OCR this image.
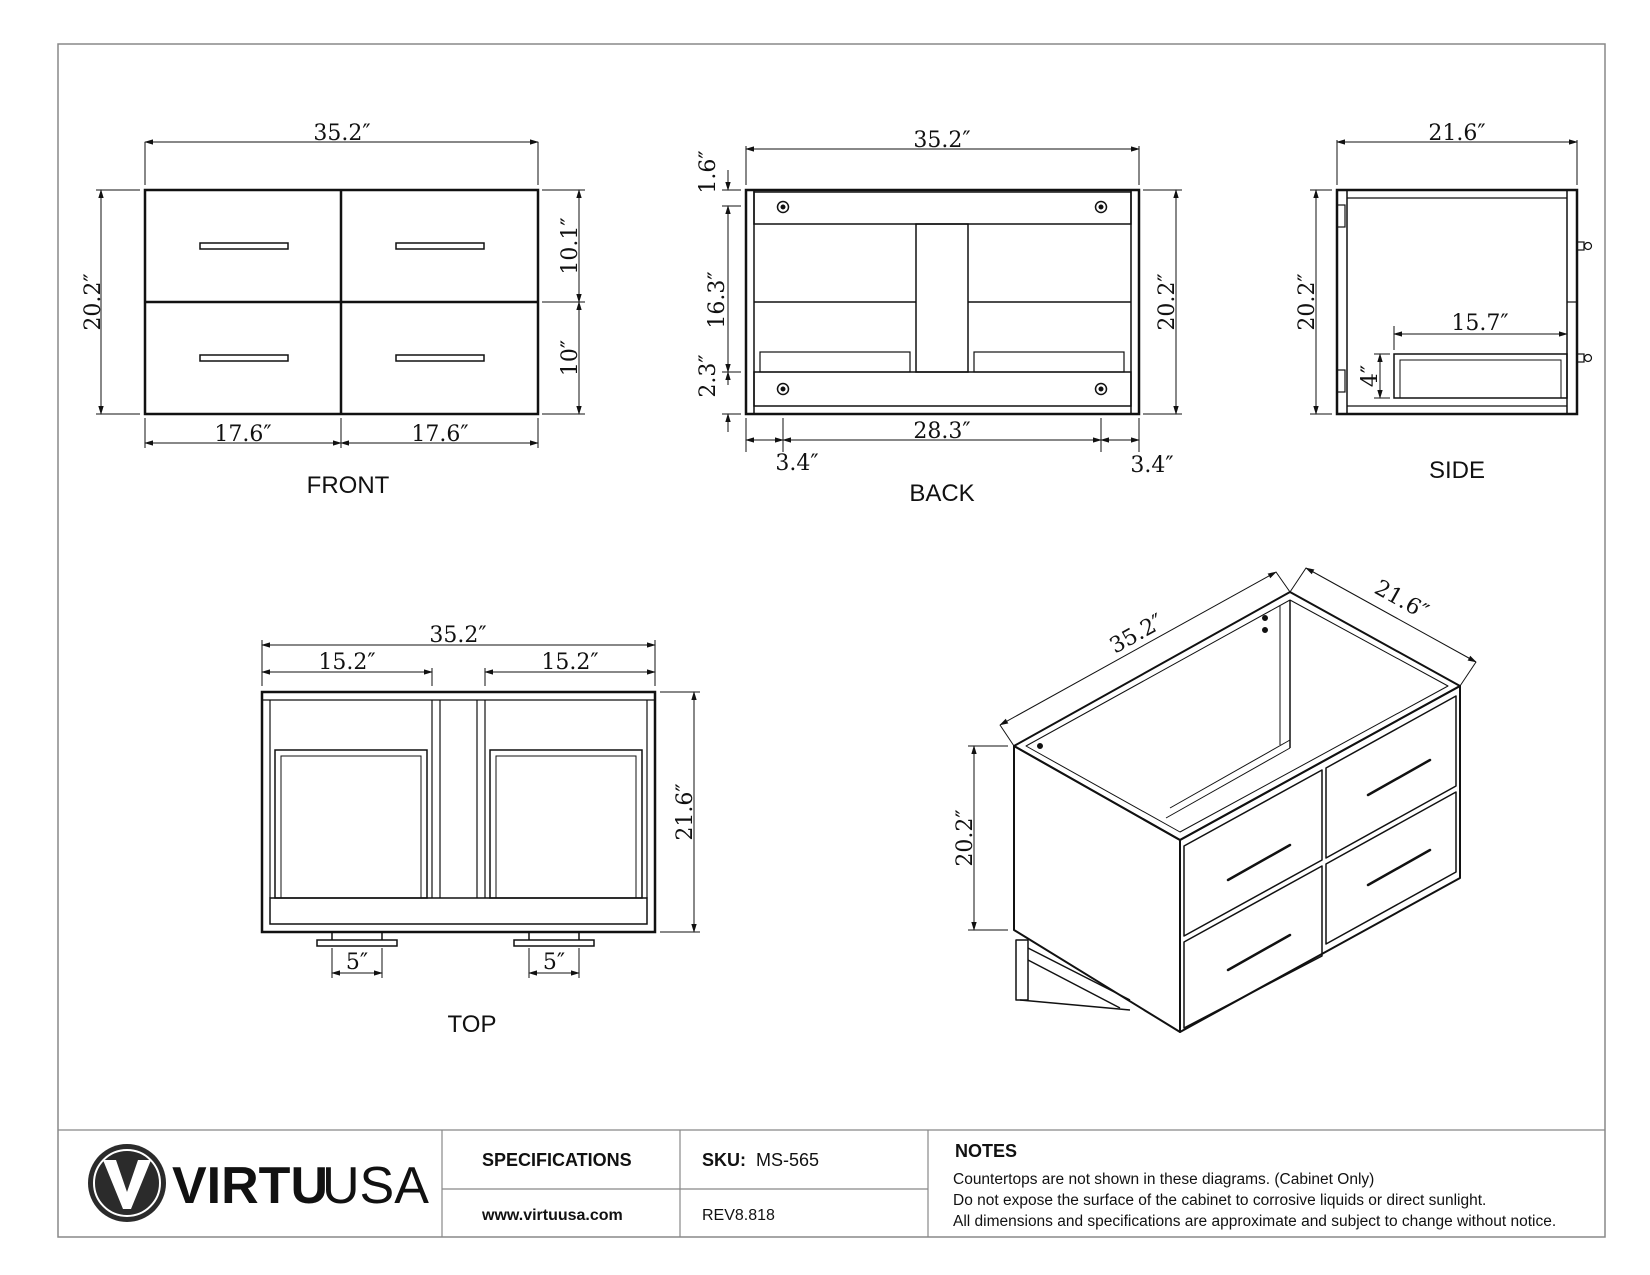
35.2″
20.2″
10.1″
10″
17.6″	17.6″
FRONT
35.2″
1.6″
16.3″
2.3″
20.2″
28.3″
3.4″	3.4″
BACK
21.6″
20.2″	15.7″
4″
SIDE
35.2″
15.2″	15.2″
21.6″
5″	5″
TOP
35.2″
21.6″
20.2″
VIRTU
USA	SPECIFICATIONS	SKU: MS-565
www.virtuusa.com	REV8.818
NOTES
Countertops are not shown in these diagrams. (Cabinet Only)
Do not expose the surface of the cabinet to corrosive liquids or direct sunlight.
All dimensions and specifications are approximate and subject to change without notice.
